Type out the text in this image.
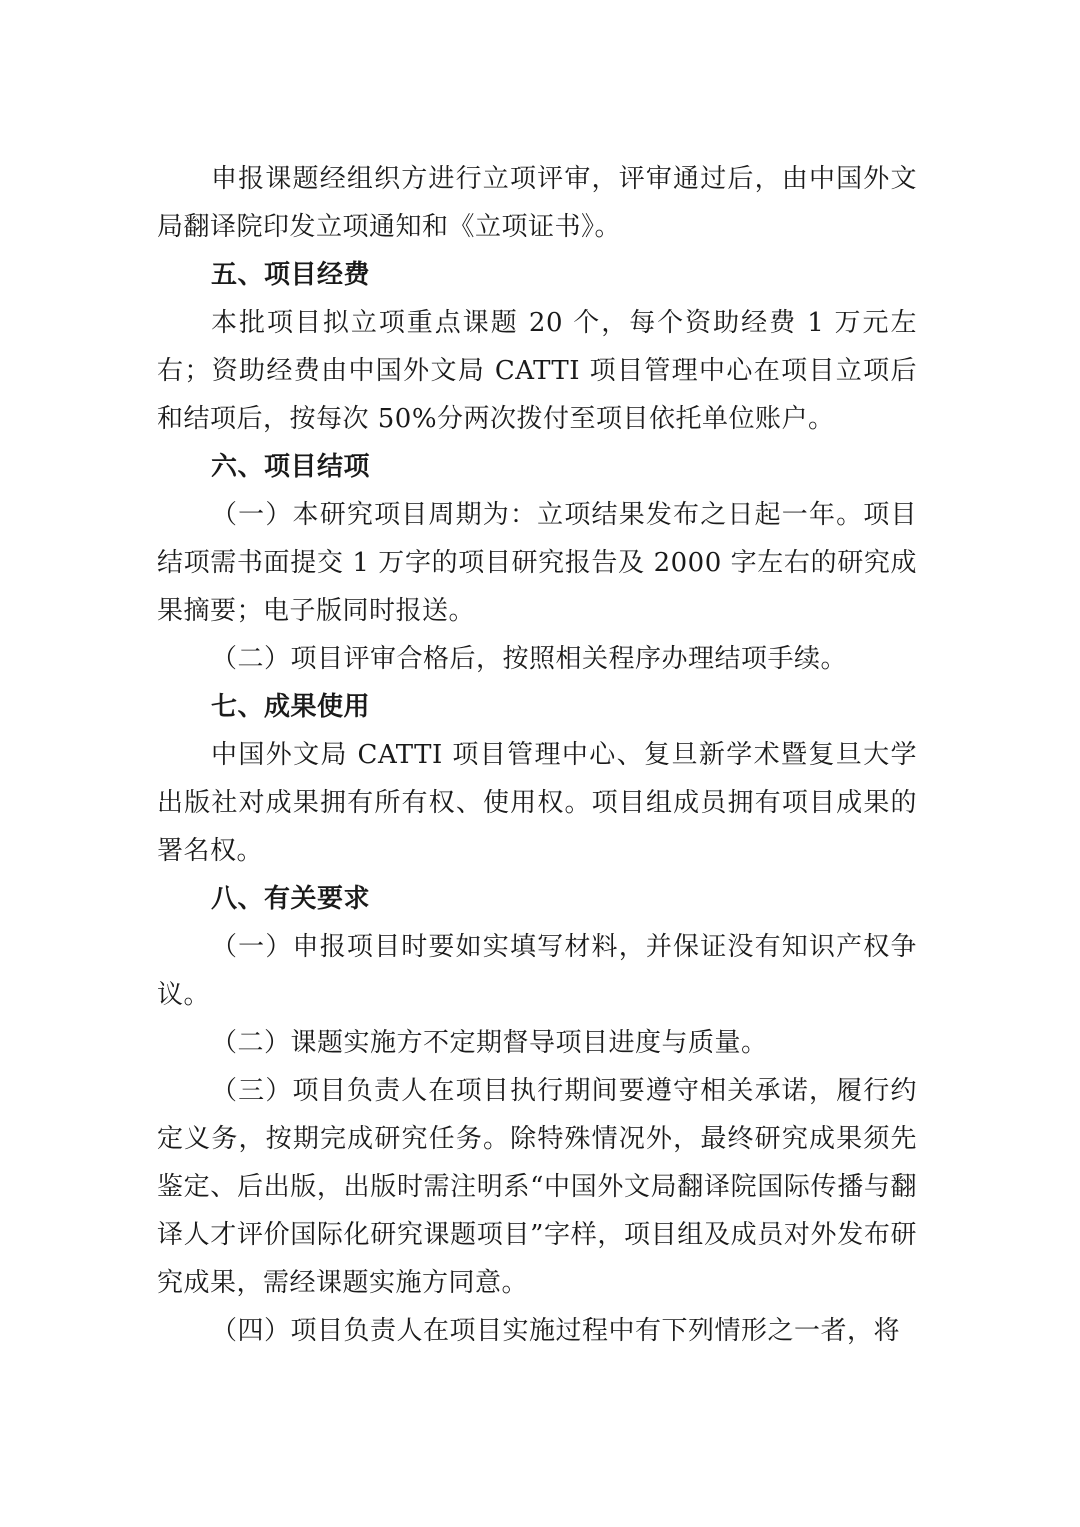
申报课题经组织方进行立项评审，评审通过后，由中国外文局翻译院印发立项通知和《立项证书》。

五、项目经费

本批项目拟立项重点课题 20 个，每个资助经费 1 万元左右；资助经费由中国外文局 CATTI 项目管理中心在项目立项后和结项后，按每次 50%分两次拨付至项目依托单位账户。

六、项目结项

（一）本研究项目周期为：立项结果发布之日起一年。项目结项需书面提交 1 万字的项目研究报告及 2000 字左右的研究成果摘要；电子版同时报送。

（二）项目评审合格后，按照相关程序办理结项手续。

七、成果使用

中国外文局 CATTI 项目管理中心、复旦新学术暨复旦大学出版社对成果拥有所有权、使用权。项目组成员拥有项目成果的署名权。

八、有关要求

（一）申报项目时要如实填写材料，并保证没有知识产权争议。

（二）课题实施方不定期督导项目进度与质量。

（三）项目负责人在项目执行期间要遵守相关承诺，履行约定义务，按期完成研究任务。除特殊情况外，最终研究成果须先鉴定、后出版，出版时需注明系“中国外文局翻译院国际传播与翻译人才评价国际化研究课题项目”字样，项目组及成员对外发布研究成果，需经课题实施方同意。

（四）项目负责人在项目实施过程中有下列情形之一者，将
